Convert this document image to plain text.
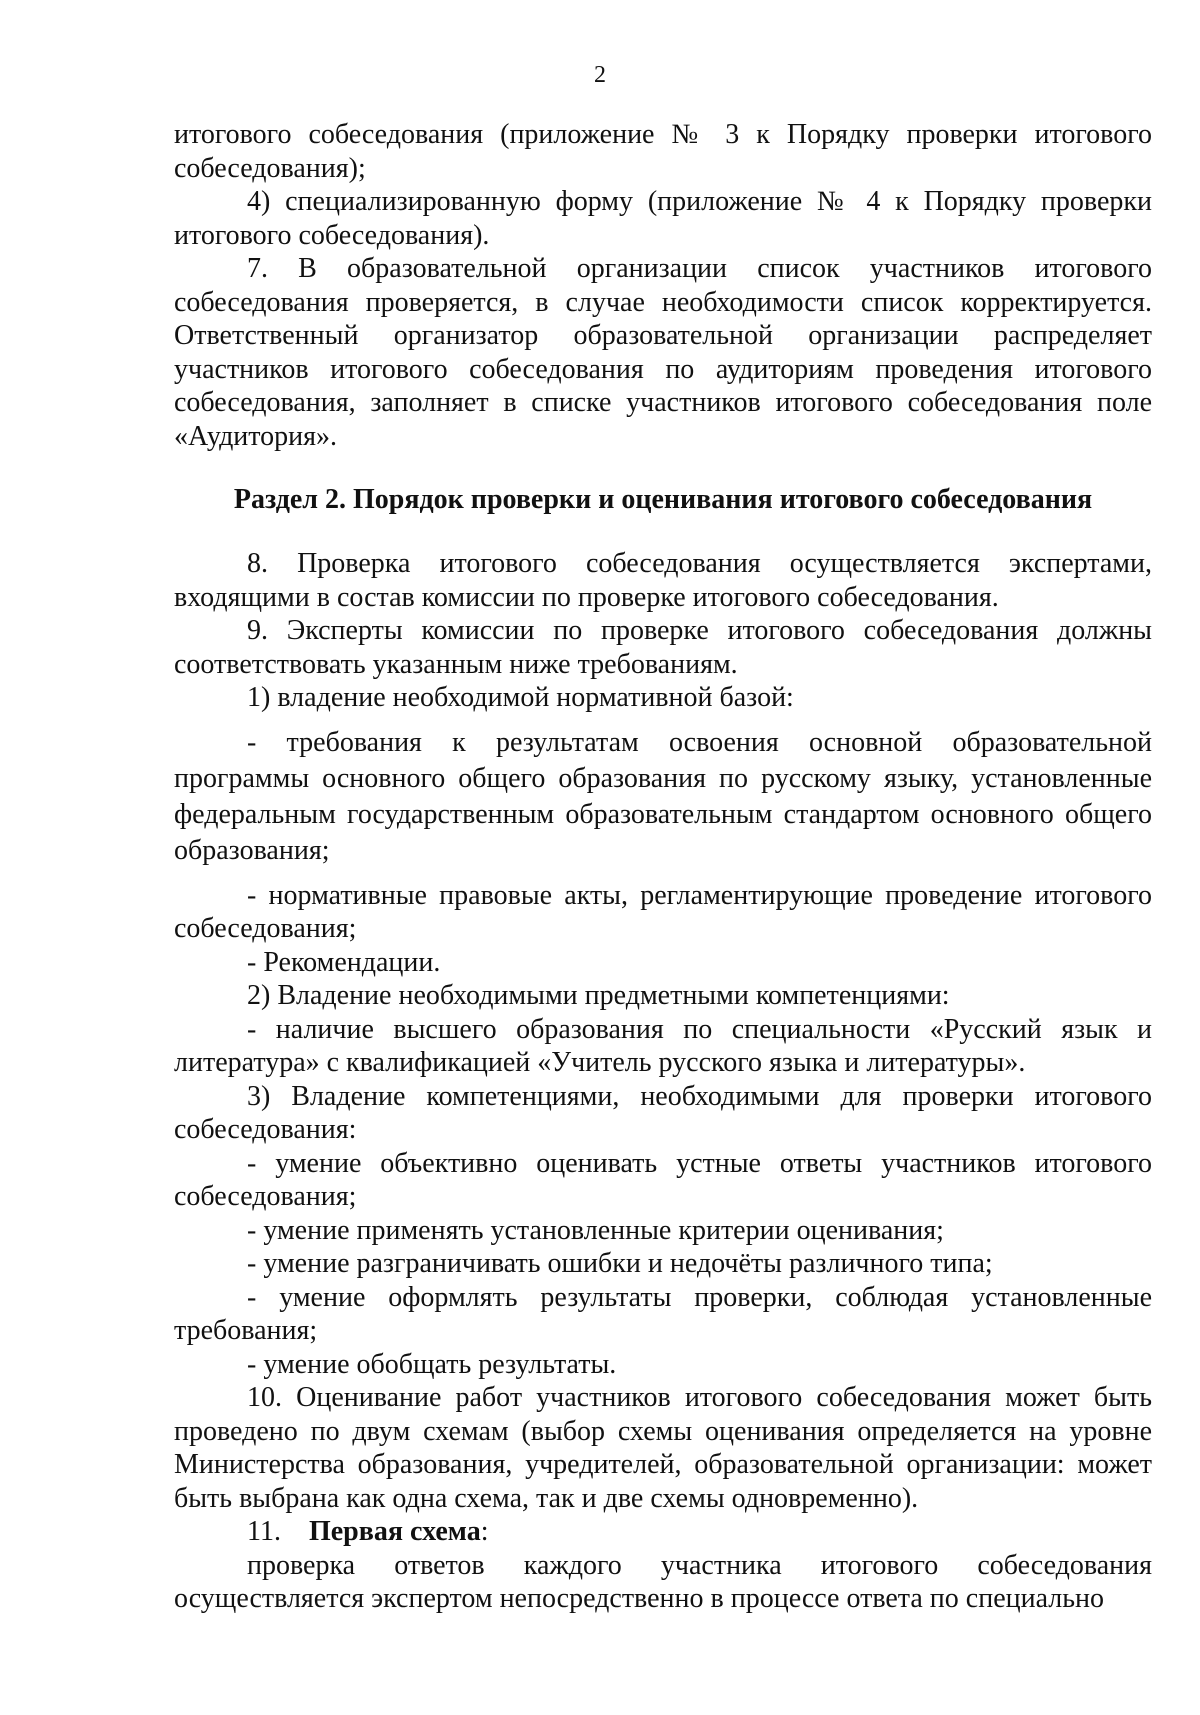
2

итогового собеседования (приложение № 3 к Порядку проверки итогового собеседования);

4) специализированную форму (приложение № 4 к Порядку проверки итогового собеседования).

7. В образовательной организации список участников итогового собеседования проверяется, в случае необходимости список корректируется. Ответственный организатор образовательной организации распределяет участников итогового собеседования по аудиториям проведения итогового собеседования, заполняет в списке участников итогового собеседования поле «Аудитория».

Раздел 2. Порядок проверки и оценивания итогового собеседования

8. Проверка итогового собеседования осуществляется экспертами, входящими в состав комиссии по проверке итогового собеседования.

9. Эксперты комиссии по проверке итогового собеседования должны соответствовать указанным ниже требованиям.

1) владение необходимой нормативной базой:

- требования к результатам освоения основной образовательной программы основного общего образования по русскому языку, установленные федеральным государственным образовательным стандартом основного общего образования;

- нормативные правовые акты, регламентирующие проведение итогового собеседования;

- Рекомендации.

2) Владение необходимыми предметными компетенциями:

- наличие высшего образования по специальности «Русский язык и литература» с квалификацией «Учитель русского языка и литературы».

3) Владение компетенциями, необходимыми для проверки итогового собеседования:

- умение объективно оценивать устные ответы участников итогового собеседования;

- умение применять установленные критерии оценивания;

- умение разграничивать ошибки и недочёты различного типа;

- умение оформлять результаты проверки, соблюдая установленные требования;

- умение обобщать результаты.

10. Оценивание работ участников итогового собеседования может быть проведено по двум схемам (выбор схемы оценивания определяется на уровне Министерства образования, учредителей, образовательной организации: может быть выбрана как одна схема, так и две схемы одновременно).

11. Первая схема:

проверка ответов каждого участника итогового собеседования осуществляется экспертом непосредственно в процессе ответа по специально
